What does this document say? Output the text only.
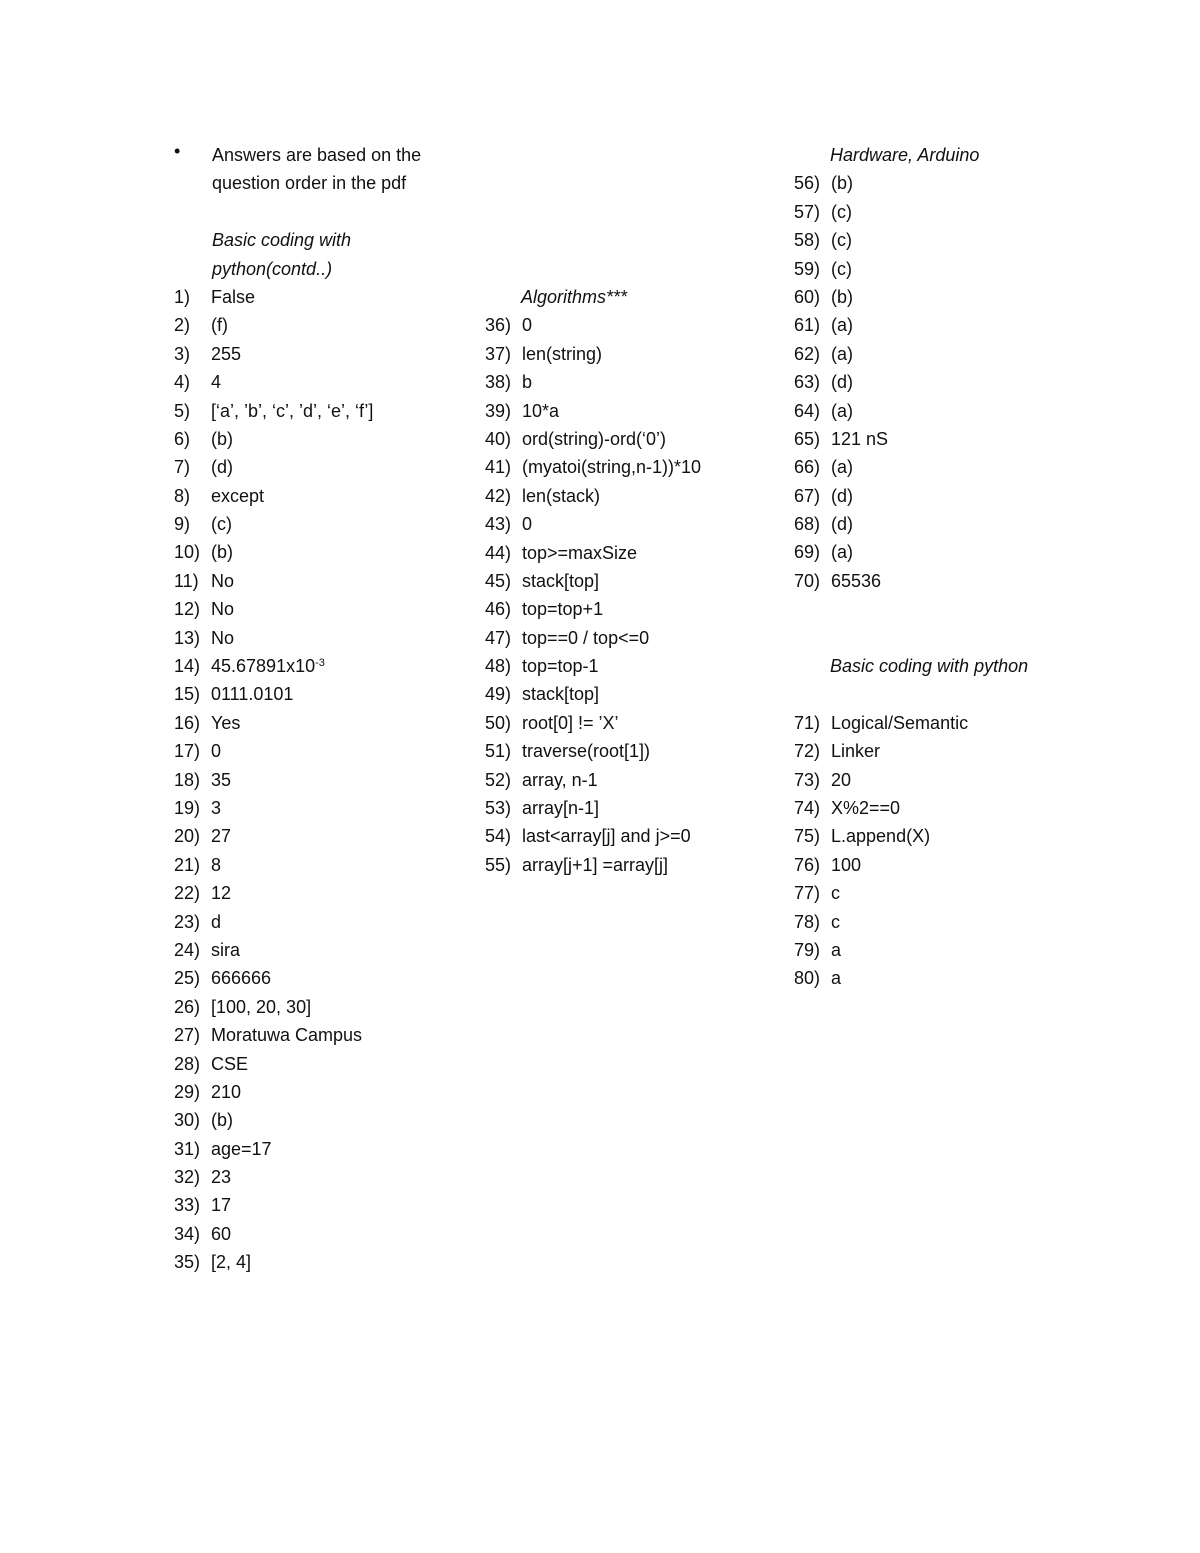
• Answers are based on the
question order in the pdf
Basic coding with
python(contd..)
1) False
2) (f)
3) 255
4) 4
5) [‘a’, ’b’, ‘c’, ’d’, ‘e’, ‘f’]
6) (b)
7) (d)
8) except
9) (c)
10) (b)
11) No
12) No
13) No
14) $45.67891x10^{-3}$
15) 0111.0101
16) Yes
17) 0
18) 35
19) 3
20) 27
21) 8
22) 12
23) d
24) sira
25) 666666
26) [100, 20, 30]
27) Moratuwa Campus
28) CSE
29) 210
30) (b)
31) age=17
32) 23
33) 17
34) 60
35) [2, 4]
Algorithms***
36) 0
37) len(string)
38) b
39) 10*a
40) ord(string)-ord(‘0’)
41) (myatoi(string,n-1))*10
42) len(stack)
43) 0
44) top>=maxSize
45) stack[top]
46) top=top+1
47) top==0 / top<=0
48) top=top-1
49) stack[top]
50) root[0] != ’X’
51) traverse(root[1])
52) array, n-1
53) array[n-1]
54) last<array[j] and j>=0
55) array[j+1] =array[j]
Hardware, Arduino
56) (b)
57) (c)
58) (c)
59) (c)
60) (b)
61) (a)
62) (a)
63) (d)
64) (a)
65) 121 nS
66) (a)
67) (d)
68) (d)
69) (a)
70) 65536
Basic coding with python
71) Logical/Semantic
72) Linker
73) 20
74) X%2==0
75) L.append(X)
76) 100
77) c
78) c
79) a
80) a
